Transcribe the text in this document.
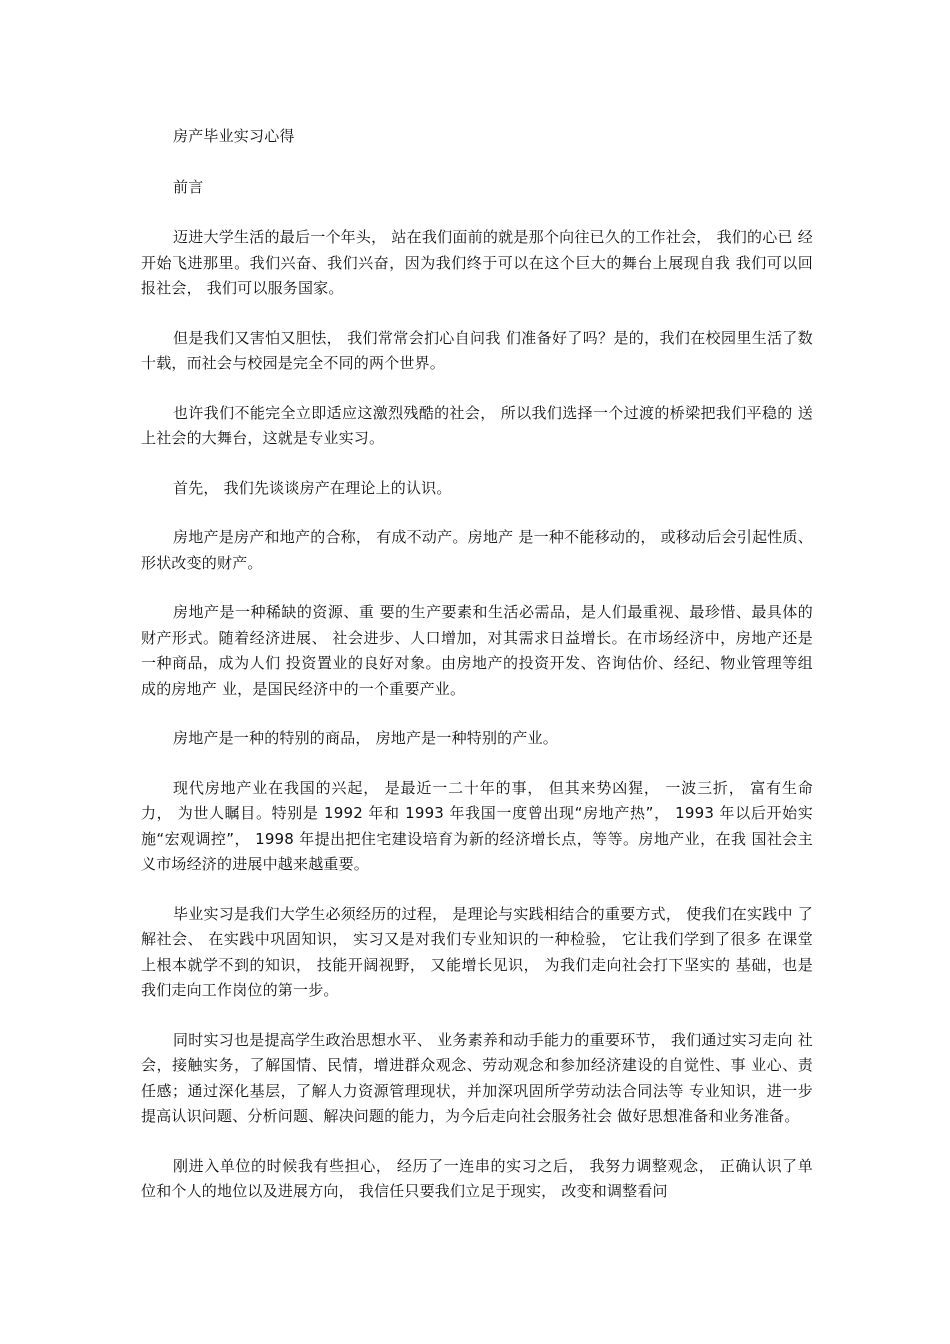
房产毕业实习心得

前言

迈进大学生活的最后一个年头， 站在我们面前的就是那个向往已久的工作社会， 我们的心已 经开始飞进那里。我们兴奋、我们兴奋，因为我们终于可以在这个巨大的舞台上展现自我 我们可以回报社会， 我们可以服务国家。

但是我们又害怕又胆怯， 我们常常会扪心自问我 们准备好了吗？是的，我们在校园里生活了数十载，而社会与校园是完全不同的两个世界。

也许我们不能完全立即适应这激烈残酷的社会， 所以我们选择一个过渡的桥梁把我们平稳的 送上社会的大舞台，这就是专业实习。

首先， 我们先谈谈房产在理论上的认识。

房地产是房产和地产的合称， 有成不动产。房地产 是一种不能移动的， 或移动后会引起性质、形状改变的财产。

房地产是一种稀缺的资源、重 要的生产要素和生活必需品，是人们最重视、最珍惜、最具体的财产形式。随着经济进展、 社会进步、人口增加，对其需求日益增长。在市场经济中，房地产还是一种商品，成为人们 投资置业的良好对象。由房地产的投资开发、咨询估价、经纪、物业管理等组成的房地产 业，是国民经济中的一个重要产业。

房地产是一种的特别的商品， 房地产是一种特别的产业。

现代房地产业在我国的兴起， 是最近一二十年的事， 但其来势凶猩， 一波三折， 富有生命力， 为世人瞩目。特别是 1992 年和 1993 年我国一度曾出现“房地产热”， 1993 年以后开始实 施“宏观调控”， 1998 年提出把住宅建设培育为新的经济增长点，等等。房地产业，在我 国社会主义市场经济的进展中越来越重要。

毕业实习是我们大学生必须经历的过程， 是理论与实践相结合的重要方式， 使我们在实践中 了解社会、 在实践中巩固知识， 实习又是对我们专业知识的一种检验， 它让我们学到了很多 在课堂上根本就学不到的知识， 技能开阔视野， 又能增长见识， 为我们走向社会打下坚实的 基础，也是我们走向工作岗位的第一步。

同时实习也是提高学生政治思想水平、 业务素养和动手能力的重要环节， 我们通过实习走向 社会，接触实务，了解国情、民情，增进群众观念、劳动观念和参加经济建设的自觉性、事 业心、责任感；通过深化基层，了解人力资源管理现状，并加深巩固所学劳动法合同法等 专业知识，进一步提高认识问题、分析问题、解决问题的能力，为今后走向社会服务社会 做好思想准备和业务准备。

刚进入单位的时候我有些担心， 经历了一连串的实习之后， 我努力调整观念， 正确认识了单 位和个人的地位以及进展方向， 我信任只要我们立足于现实， 改变和调整看问
